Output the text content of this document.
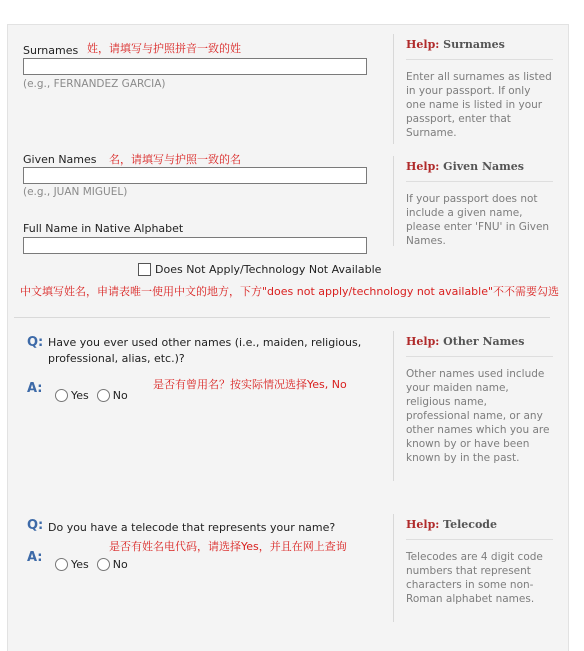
Surnames 姓，请填写与护照拼音一致的姓
(e.g., FERNANDEZ GARCIA)
Given Names 名，请填写与护照一致的名
(e.g., JUAN MIGUEL)
Full Name in Native Alphabet
Does Not Apply/Technology Not Available
中文填写姓名，申请表唯一使用中文的地方，下方"does not apply/technology not available"不不需要勾选
Help: Surnames
Enter all surnames as listed in your passport. If only one name is listed in your passport, enter that Surname.
Help: Given Names
If your passport does not include a given name, please enter 'FNU' in Given Names.
Q: Have you ever used other names (i.e., maiden, religious, professional, alias, etc.)?
A:	Yes No
是否有曾用名？按实际情况选择Yes, No
Help: Other Names
Other names used include your maiden name, religious name, professional name, or any other names which you are known by or have been known by in the past.
Q: Do you have a telecode that represents your name?
是否有姓名电代码，请选择Yes，并且在网上查询
A:	Yes No
Help: Telecode
Telecodes are 4 digit code numbers that represent characters in some non-Roman alphabet names.
